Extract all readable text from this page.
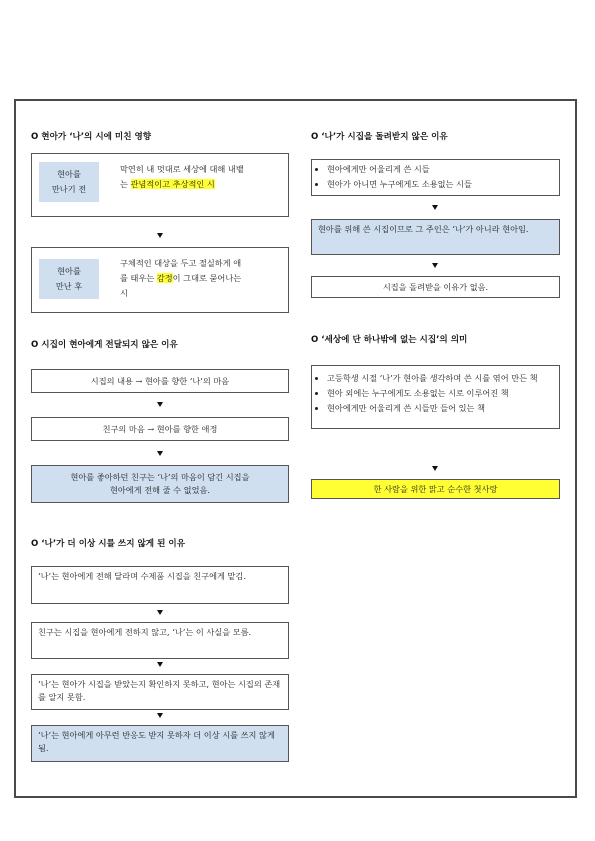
O 현아가 ‘나’의 시에 미친 영향
현아를
만나기 전
막연히 내 멋대로 세상에 대해 내뱉
는 관념적이고 추상적인 시
현아를
만난 후
구체적인 대상을 두고 절실하게 애
를 태우는 감정이 그대로 묻어나는
시
O 시집이 현아에게 전달되지 않은 이유
시집의 내용 → 현아를 향한 ‘나’의 마음
친구의 마음 → 현아를 향한 애정
현아를 좋아하던 친구는 ‘나’의 마음이 담긴 시집을
현아에게 전해 줄 수 없었음.
O ‘나’가 더 이상 시를 쓰지 않게 된 이유
‘나’는 현아에게 전해 달라며 수제품 시집을 친구에게 맡김.
친구는 시집을 현아에게 전하지 않고, ‘나’는 이 사실을 모름.
‘나’는 현아가 시집을 받았는지 확인하지 못하고, 현아는 시집의 존재를 알지 못함.
‘나’는 현아에게 아무런 반응도 받지 못하자 더 이상 시를 쓰지 않게 됨.
O ‘나’가 시집을 돌려받지 않은 이유
• 현아에게만 어울리게 쓴 시들
• 현아가 아니면 누구에게도 소용없는 시들
현아를 위해 쓴 시집이므로 그 주인은 ‘나’가 아니라 현아임.
시집을 돌려받을 이유가 없음.
O ‘세상에 단 하나밖에 없는 시집’의 의미
• 고등학생 시절 ‘나’가 현아를 생각하며 쓴 시를 엮어 만든 책
• 현아 외에는 누구에게도 소용없는 시로 이루어진 책
• 현아에게만 어울리게 쓴 시들만 들어 있는 책
한 사람을 위한 맑고 순수한 첫사랑
